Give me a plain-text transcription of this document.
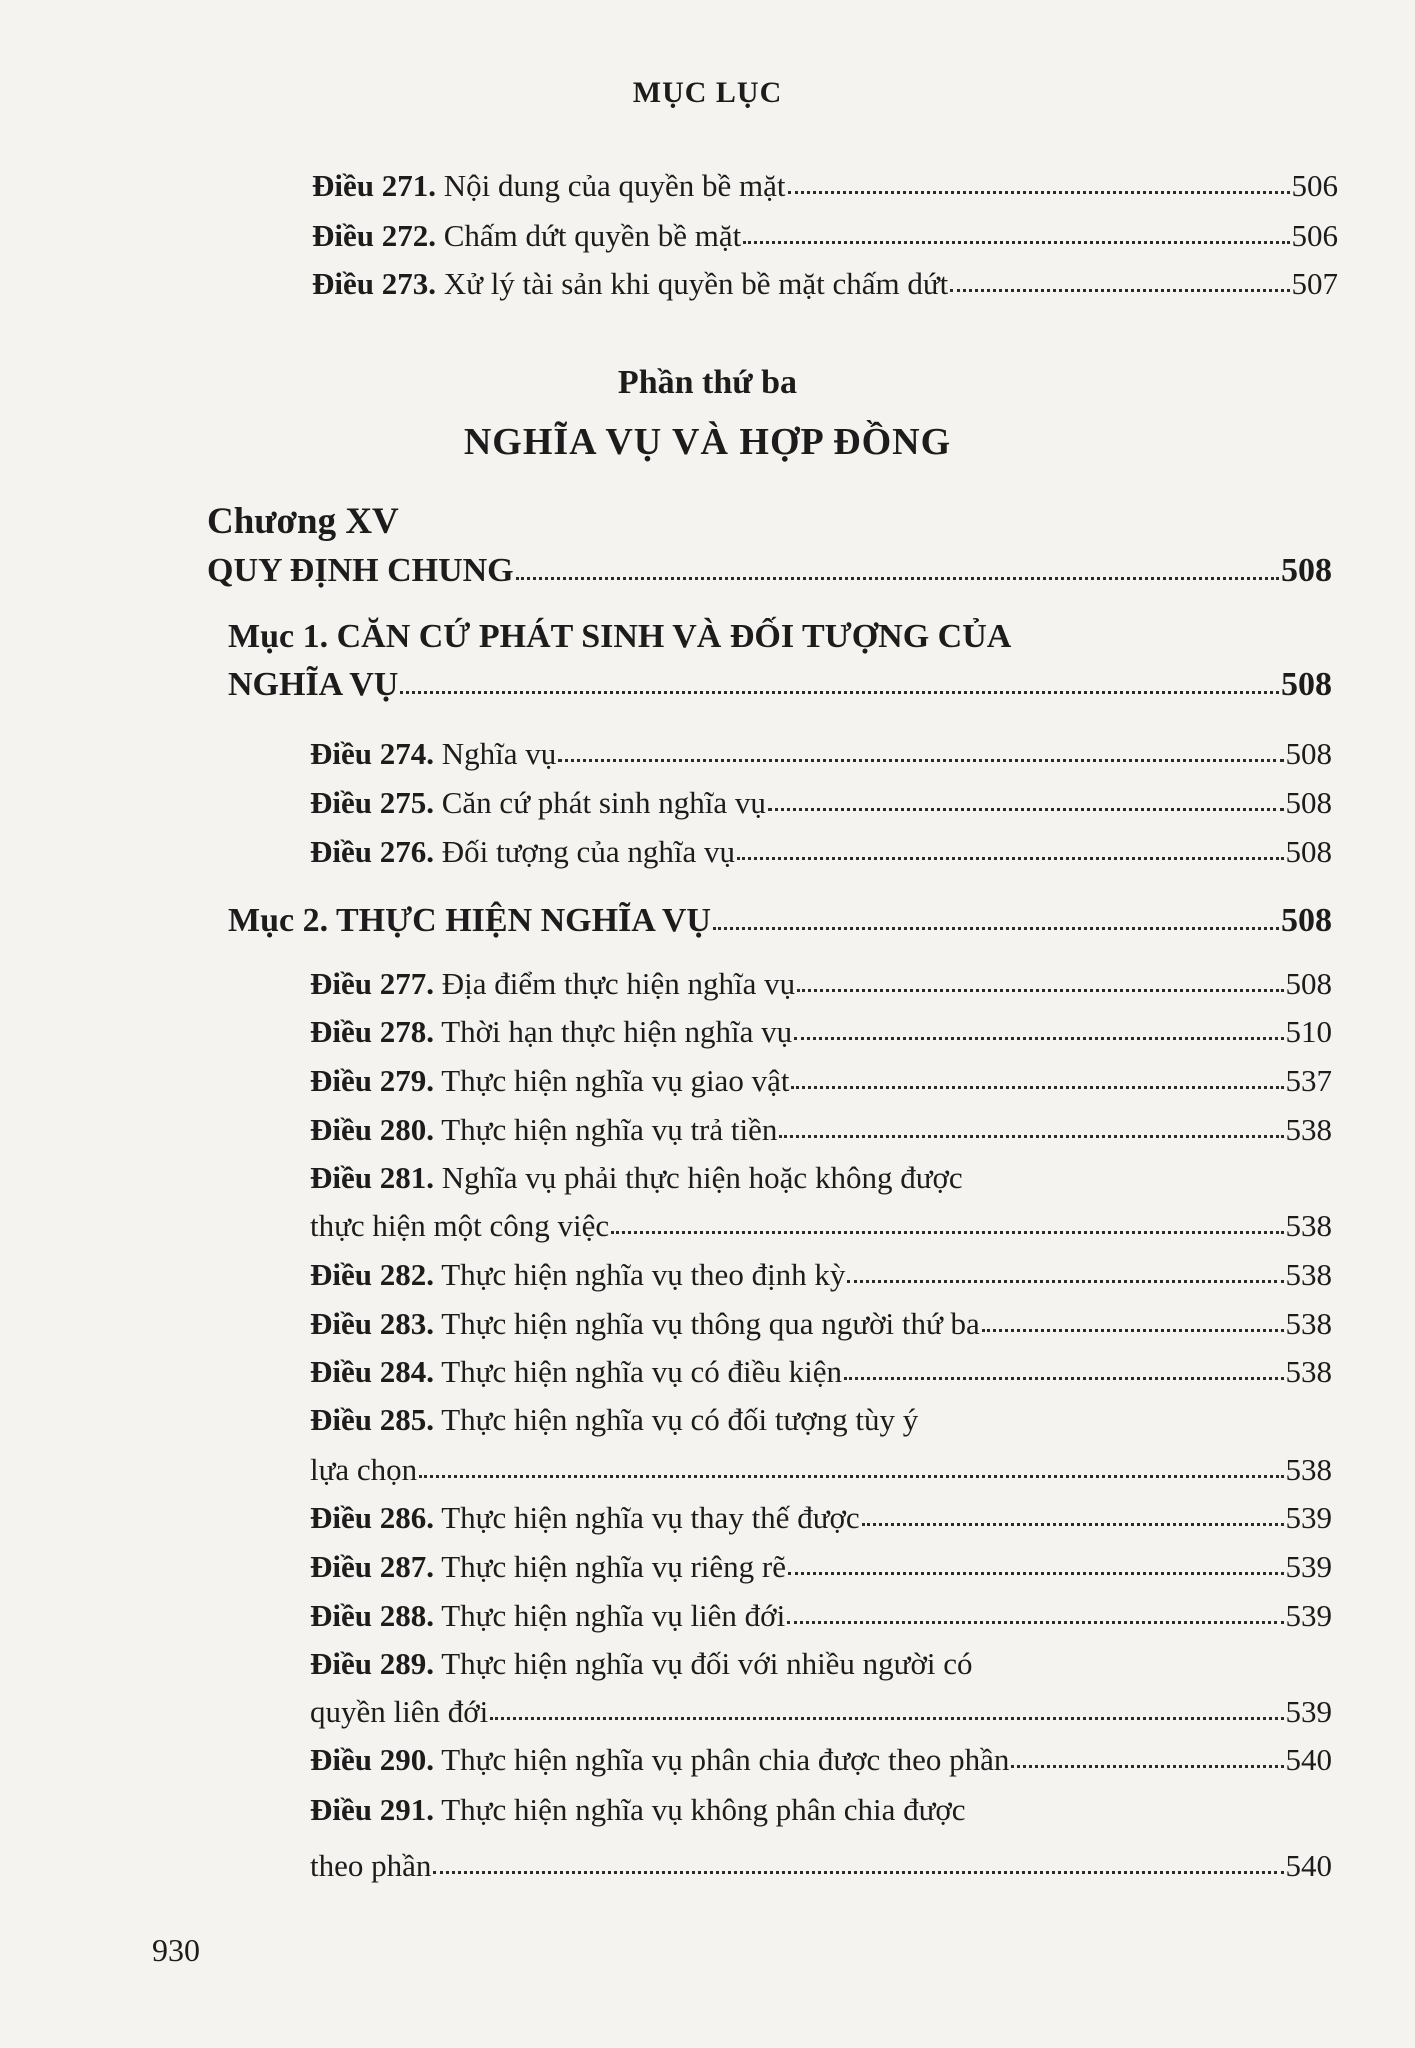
MỤC LỤC
Điều 271. Nội dung của quyền bề mặt	506
Điều 272. Chấm dứt quyền bề mặt	506
Điều 273. Xử lý tài sản khi quyền bề mặt chấm dứt	507
Phần thứ ba
NGHĨA VỤ VÀ HỢP ĐỒNG
Chương XV
QUY ĐỊNH CHUNG	508
Mục 1. CĂN CỨ PHÁT SINH VÀ ĐỐI TƯỢNG CỦA
NGHĨA VỤ	508
Điều 274. Nghĩa vụ	508
Điều 275. Căn cứ phát sinh nghĩa vụ	508
Điều 276. Đối tượng của nghĩa vụ	508
Mục 2. THỰC HIỆN NGHĨA VỤ	508
Điều 277. Địa điểm thực hiện nghĩa vụ	508
Điều 278. Thời hạn thực hiện nghĩa vụ	510
Điều 279. Thực hiện nghĩa vụ giao vật	537
Điều 280. Thực hiện nghĩa vụ trả tiền	538
Điều 281. Nghĩa vụ phải thực hiện hoặc không được
thực hiện một công việc	538
Điều 282. Thực hiện nghĩa vụ theo định kỳ	538
Điều 283. Thực hiện nghĩa vụ thông qua người thứ ba	538
Điều 284. Thực hiện nghĩa vụ có điều kiện	538
Điều 285. Thực hiện nghĩa vụ có đối tượng tùy ý
lựa chọn	538
Điều 286. Thực hiện nghĩa vụ thay thế được	539
Điều 287. Thực hiện nghĩa vụ riêng rẽ	539
Điều 288. Thực hiện nghĩa vụ liên đới	539
Điều 289. Thực hiện nghĩa vụ đối với nhiều người có
quyền liên đới	539
Điều 290. Thực hiện nghĩa vụ phân chia được theo phần	540
Điều 291. Thực hiện nghĩa vụ không phân chia được
theo phần	540
930
